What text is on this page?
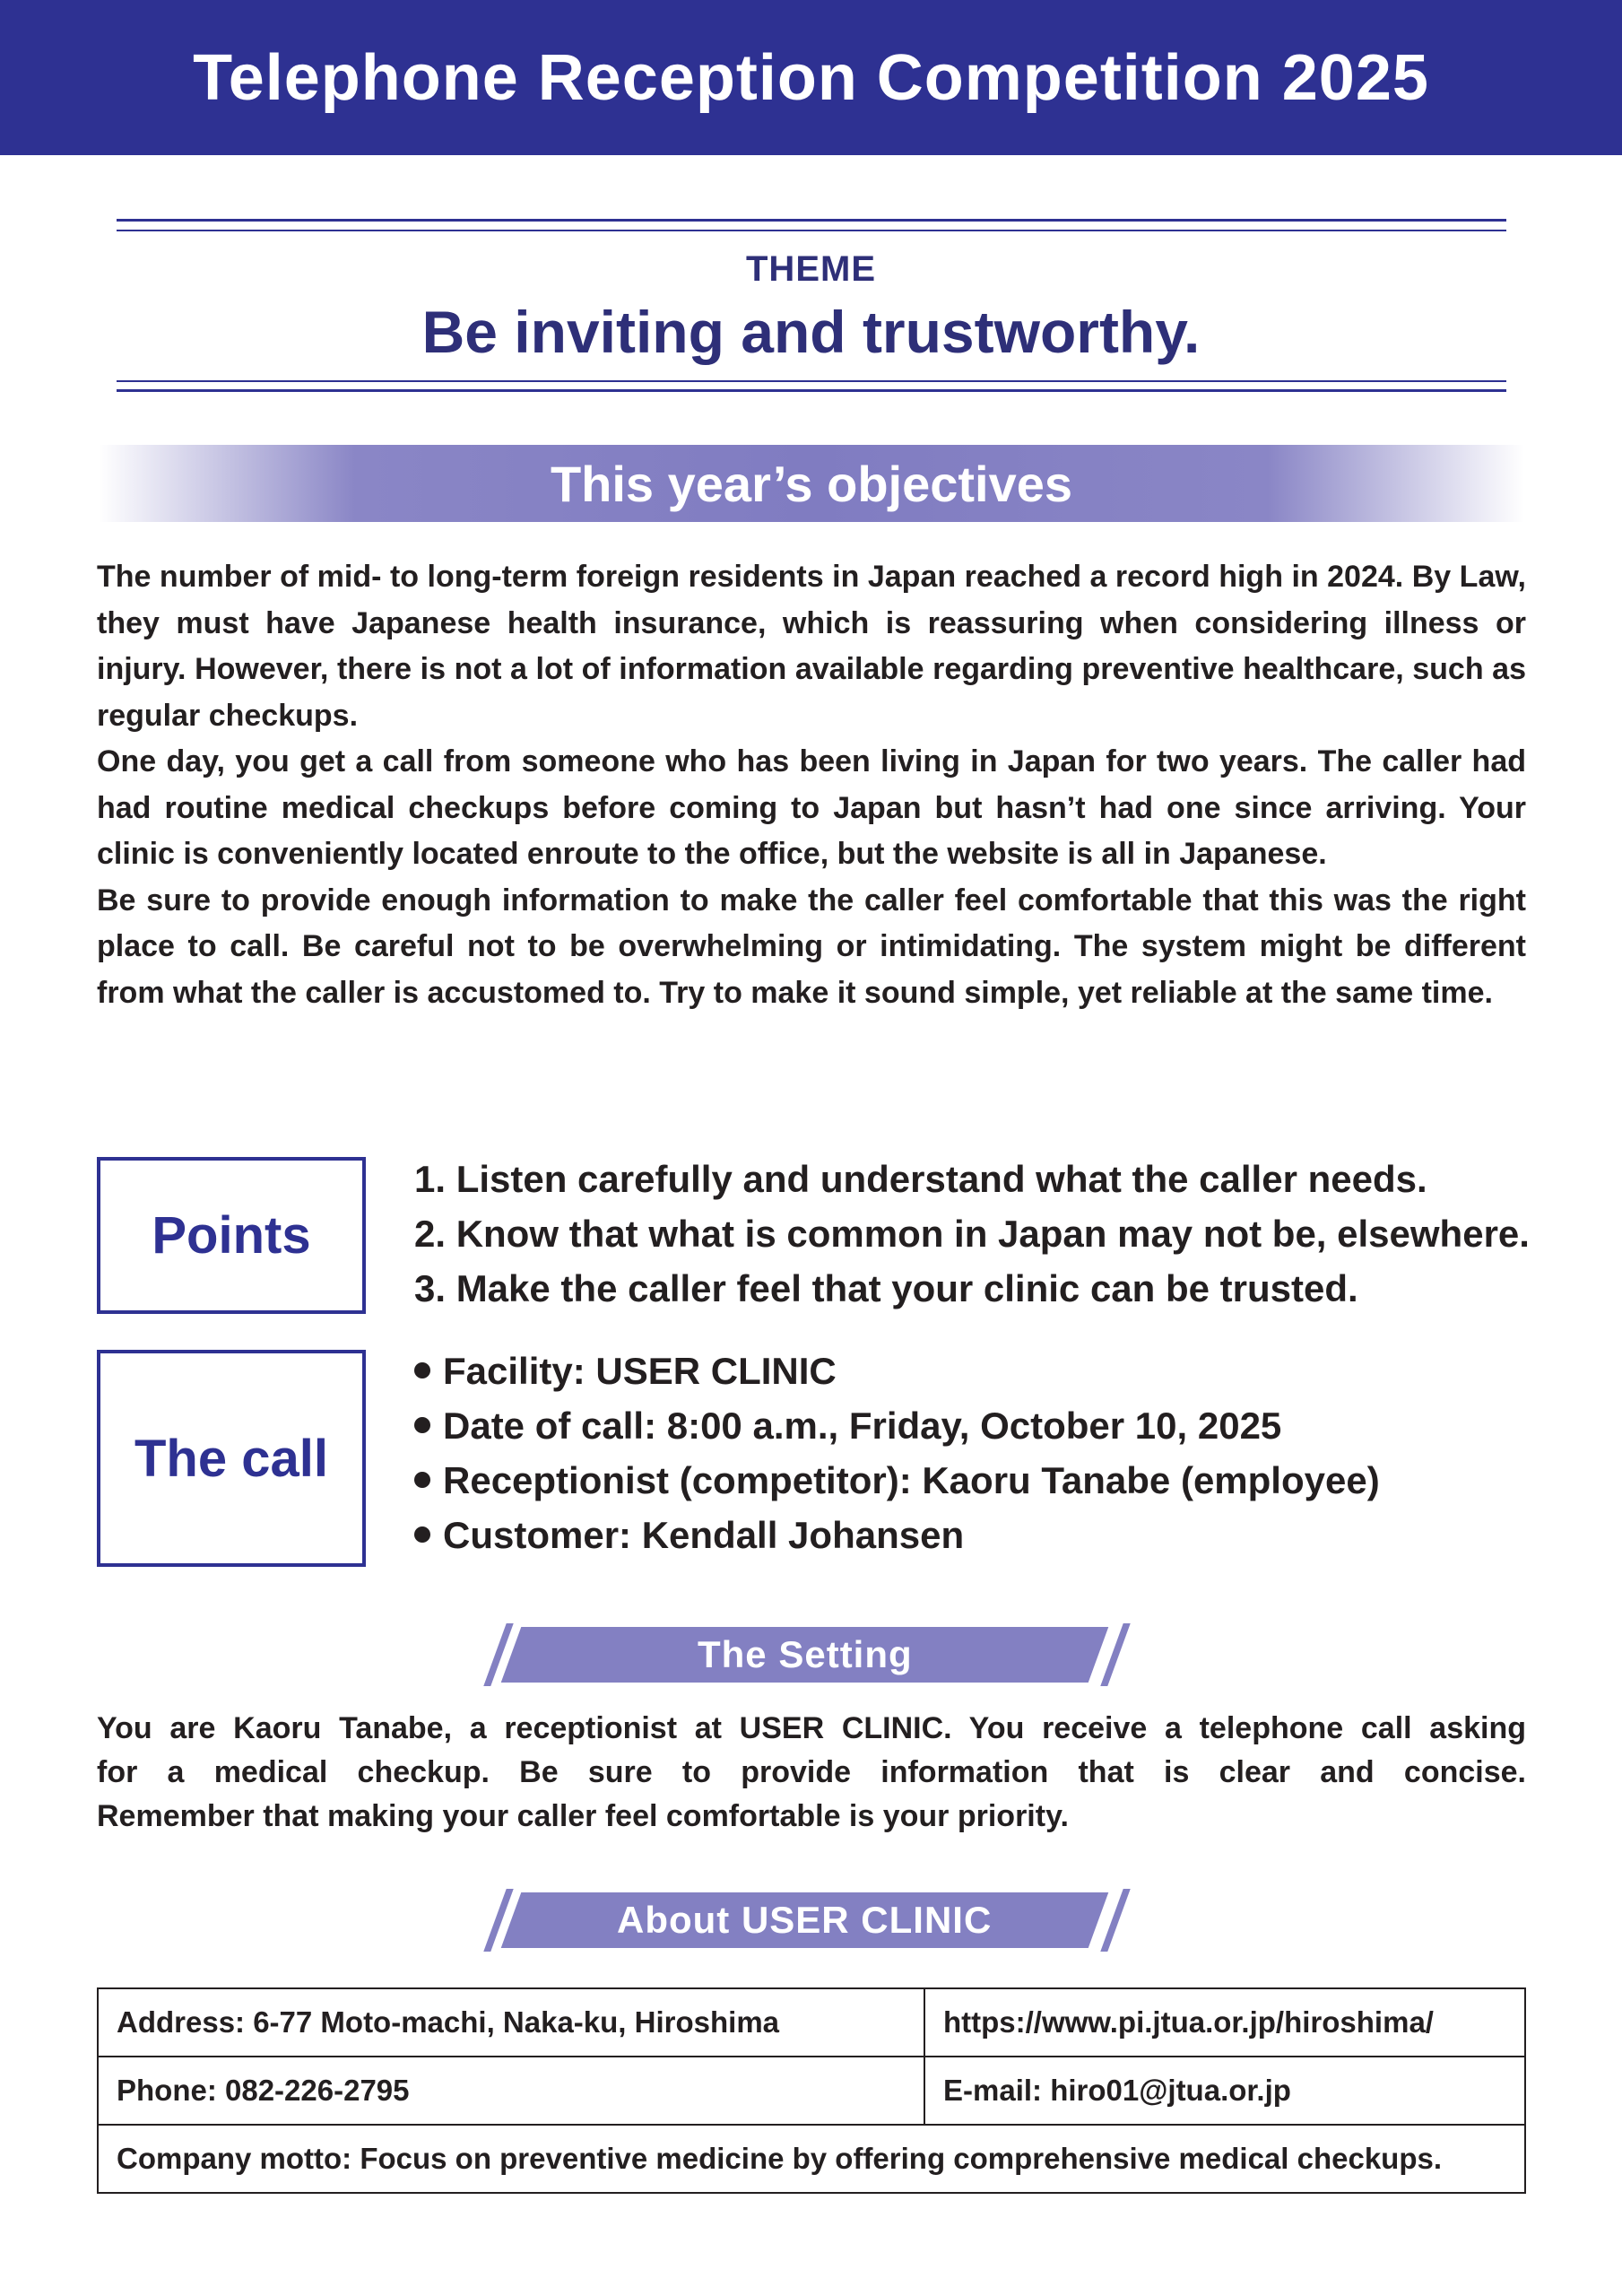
Telephone Reception Competition 2025
THEME
Be inviting and trustworthy.
This year’s objectives

The number of mid- to long-term foreign residents in Japan reached a record high in 2024. By Law, they must have Japanese health insurance, which is reassuring when considering illness or injury. However, there is not a lot of information available regarding preventive healthcare, such as regular checkups.

One day, you get a call from someone who has been living in Japan for two years. The caller had had routine medical checkups before coming to Japan but hasn’t had one since arriving. Your clinic is conveniently located enroute to the office, but the website is all in Japanese.

Be sure to provide enough information to make the caller feel comfortable that this was the right place to call. Be careful not to be overwhelming or intimidating. The system might be different from what the caller is accustomed to. Try to make it sound simple, yet reliable at the same time.

Points
1. Listen carefully and understand what the caller needs.
2. Know that what is common in Japan may not be, elsewhere.
3. Make the caller feel that your clinic can be trusted.
The call
Facility: USER CLINIC
Date of call: 8:00 a.m., Friday, October 10, 2025
Receptionist (competitor): Kaoru Tanabe (employee)
Customer: Kendall Johansen
The Setting

You are Kaoru Tanabe, a receptionist at USER CLINIC. You receive a telephone call asking
for a medical checkup. Be sure to provide information that is clear and concise.
Remember that making your caller feel comfortable is your priority.

About USER CLINIC
Address: 6-77 Moto-machi, Naka-ku, Hiroshima	https://www.pi.jtua.or.jp/hiroshima/
Phone: 082-226-2795	E-mail: hiro01@jtua.or.jp
Company motto: Focus on preventive medicine by offering comprehensive medical checkups.	
